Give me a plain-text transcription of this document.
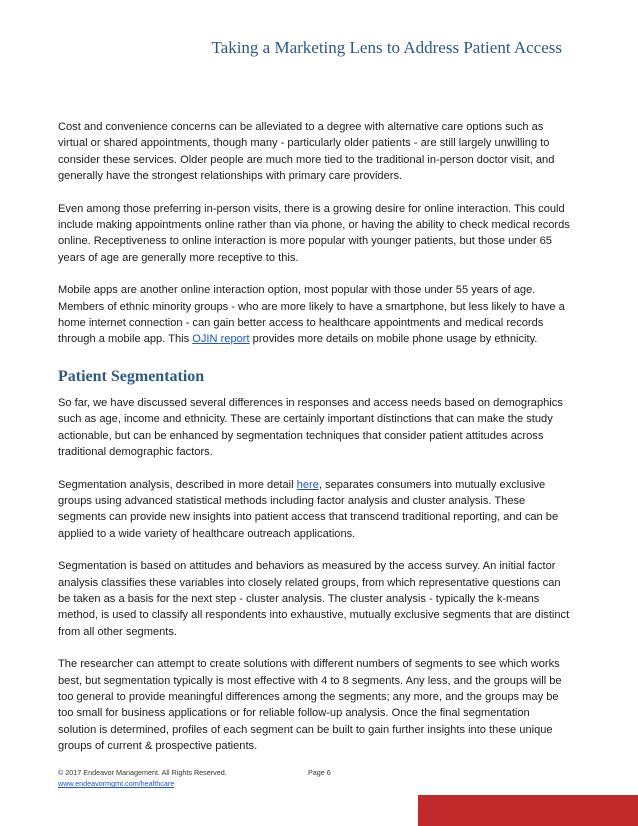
Taking a Marketing Lens to Address Patient Access

Cost and convenience concerns can be alleviated to a degree with alternative care options such as virtual or shared appointments, though many - particularly older patients - are still largely unwilling to consider these services. Older people are much more tied to the traditional in-person doctor visit, and generally have the strongest relationships with primary care providers.

Even among those preferring in-person visits, there is a growing desire for online interaction. This could include making appointments online rather than via phone, or having the ability to check medical records online. Receptiveness to online interaction is more popular with younger patients, but those under 65 years of age are generally more receptive to this.

Mobile apps are another online interaction option, most popular with those under 55 years of age. Members of ethnic minority groups - who are more likely to have a smartphone, but less likely to have a home internet connection - can gain better access to healthcare appointments and medical records through a mobile app. This OJIN report provides more details on mobile phone usage by ethnicity.

Patient Segmentation

So far, we have discussed several differences in responses and access needs based on demographics such as age, income and ethnicity. These are certainly important distinctions that can make the study actionable, but can be enhanced by segmentation techniques that consider patient attitudes across traditional demographic factors.

Segmentation analysis, described in more detail here, separates consumers into mutually exclusive groups using advanced statistical methods including factor analysis and cluster analysis. These segments can provide new insights into patient access that transcend traditional reporting, and can be applied to a wide variety of healthcare outreach applications.

Segmentation is based on attitudes and behaviors as measured by the access survey. An initial factor analysis classifies these variables into closely related groups, from which representative questions can be taken as a basis for the next step - cluster analysis. The cluster analysis - typically the k-means method, is used to classify all respondents into exhaustive, mutually exclusive segments that are distinct from all other segments.

The researcher can attempt to create solutions with different numbers of segments to see which works best, but segmentation typically is most effective with 4 to 8 segments. Any less, and the groups will be too general to provide meaningful differences among the segments; any more, and the groups may be too small for business applications or for reliable follow-up analysis. Once the final segmentation solution is determined, profiles of each segment can be built to gain further insights into these unique groups of current & prospective patients.

© 2017 Endeavor Management. All Rights Reserved.	Page 6
www.endeavormgmt.com/healthcare
